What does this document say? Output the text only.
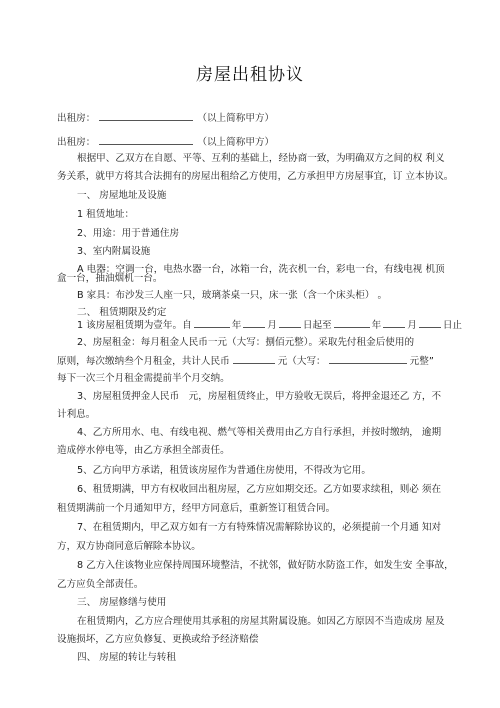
房屋出租协议
出租房：	（以上简称甲方）
出租房：	（以上简称甲方）
根据甲、乙双方在自愿、平等、互利的基础上，经协商一致，为明确双方之间的权 利义
务关系，就甲方将其合法拥有的房屋出租给乙方使用，乙方承担甲方房屋事宜，订 立本协议。
一、 房屋地址及设施
1 租赁地址：
2、用途：用于普通住房
3、室内附属设施
A 电器：空调一台，电热水器一台，冰箱一台，洗衣机一台，彩电一台，有线电视 机顶
盒一台，抽油烟机一台。
B 家具：布沙发三人座一只，玻璃茶桌一只，床一张（含一个床头柜） 。
二、 租赁期限及约定
1 该房屋租赁期为壹年。自	年	月	日起至	年	月	日止
2、房屋租金：每月租金人民币一元（大写：捌佰元整）。采取先付租金后使用的
原则，每次缴纳叁个月租金，共计人民币	元（大写：	元整”
每下一次三个月租金需提前半个月交纳。
3、房屋租赁押金人民币　元，房屋租赁终止，甲方验收无误后，将押金退还乙 方，不
计利息。
4、乙方所用水、电、有线电视、燃气等相关费用由乙方自行承担，并按时缴纳， 逾期
造成停水停电等，由乙方承担全部责任。
5、乙方向甲方承诺，租赁该房屋作为普通住房使用，不得改为它用。
6、租赁期满，甲方有权收回出租房屋，乙方应如期交还。乙方如要求续租，则必 须在
租赁期满前一个月通知甲方，经甲方同意后，重新签订租赁合同。
7、在租赁期内，甲乙双方如有一方有特殊情况需解除协议的，必须提前一个月通 知对
方，双方协商同意后解除本协议。
8 乙方入住该物业应保持周围环境整洁，不扰邻，做好防水防盗工作，如发生安 全事故，
乙方应负全部责任。
三、 房屋修缮与使用
在租赁期内，乙方应合理使用其承租的房屋其附属设施。如因乙方原因不当造成房 屋及
设施损坏，乙方应负修复、更换或给予经济赔偿
四、 房屋的转让与转租
